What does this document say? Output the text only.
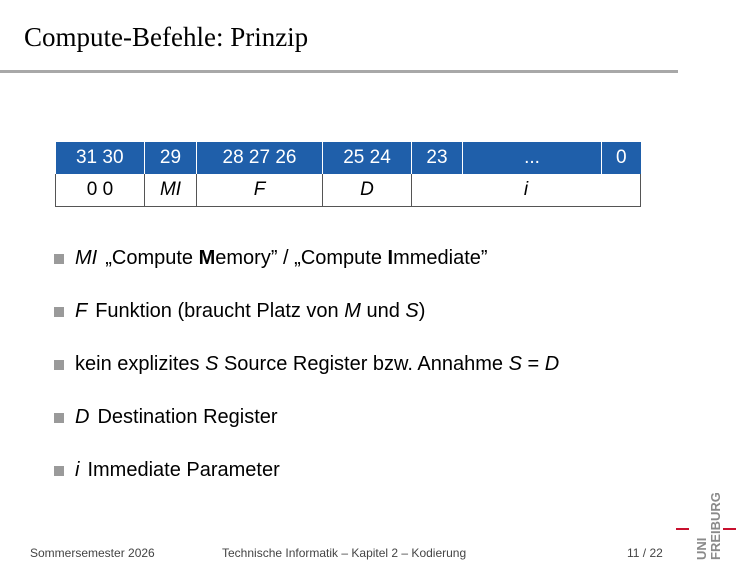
Compute-Befehle: Prinzip
31 30	29	28 27 26	25 24	23	...	0
0 0	MI	F	D	i		
MI „Compute M emory” / „Compute I mmediate”
F Funktion (braucht Platz von M und S )
kein explizites S Source Register bzw. Annahme S = D
D Destination Register
i Immediate Parameter
Sommersemester 2026	Technische Informatik – Kapitel 2 – Kodierung	11 / 22 UNI FREIBURG
